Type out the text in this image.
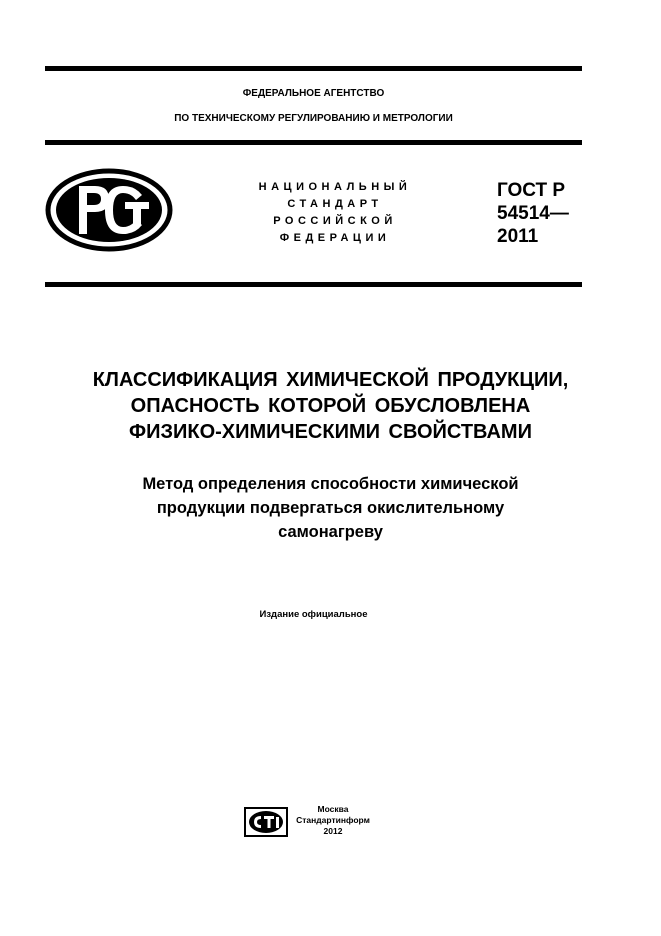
ФЕДЕРАЛЬНОЕ АГЕНТСТВО
ПО ТЕХНИЧЕСКОМУ РЕГУЛИРОВАНИЮ И МЕТРОЛОГИИ
НАЦИОНАЛЬНЫЙ
СТАНДАРТ
РОССИЙСКОЙ
ФЕДЕРАЦИИ
ГОСТ Р
54514—
2011
КЛАССИФИКАЦИЯ ХИМИЧЕСКОЙ ПРОДУКЦИИ,
ОПАСНОСТЬ КОТОРОЙ ОБУСЛОВЛЕНА
ФИЗИКО-ХИМИЧЕСКИМИ СВОЙСТВАМИ
Метод определения способности химической
продукции подвергаться окислительному
самонагреву
Издание официальное
Москва
Стандартинформ
2012
